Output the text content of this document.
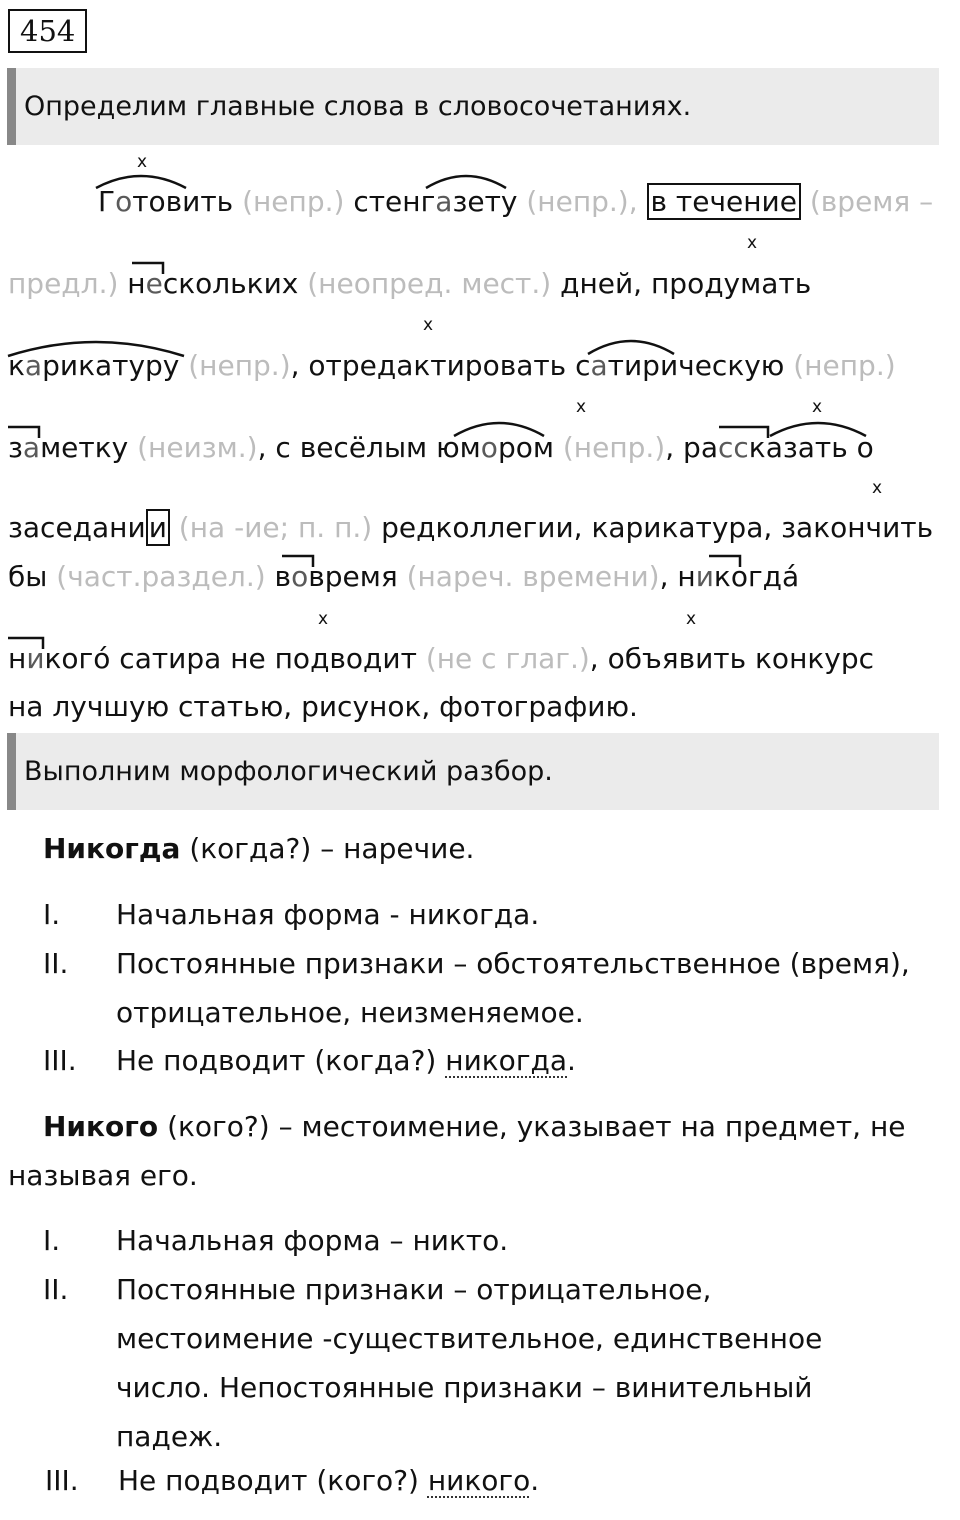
454
Определим главные слова в словосочетаниях.
х
х
х
х	х
х
х	х
Готовить (непр.) стенгазету (непр.), в течение (время –
предл.) нескольких (неопред. мест.) дней, продумать
карикатуру (непр.), отредактировать сатирическую (непр.)
заметку (неизм.), с весёлым юмором (непр.), рассказать о
заседани и (на -ие; п. п.) редколлегии, карикатура, закончить
бы (част.раздел.) вовремя (нареч. времени), никогда́
никого́ сатира не подводит (не с глаг.), объявить конкурс
на лучшую статью, рисунок, фотографию.
Выполним морфологический разбор.
Никогда (когда?) – наречие.
I. Начальная форма - никогда.
II. Постоянные признаки – обстоятельственное (время),
отрицательное, неизменяемое.
III. Не подводит (когда?) никогда.
Никого (кого?) – местоимение, указывает на предмет, не
называя его.
I. Начальная форма – никто.
II. Постоянные признаки – отрицательное,
местоимение -существительное, единственное
число. Непостоянные признаки – винительный
падеж.
III. Не подводит (кого?) никого.
